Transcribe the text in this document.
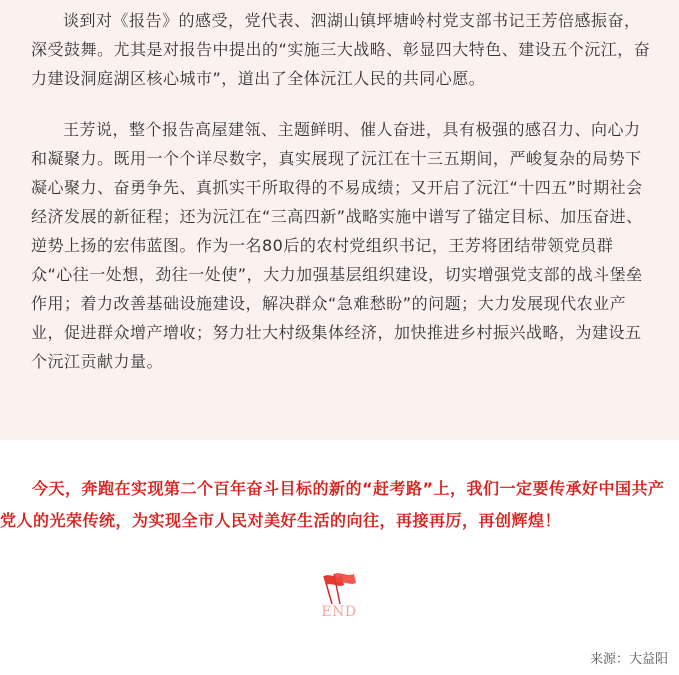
谈到对《报告》的感受，党代表、泗湖山镇坪塘岭村党支部书记王芳倍感振奋，深受鼓舞。尤其是对报告中提出的“实施三大战略、彰显四大特色、建设五个沅江，奋力建设洞庭湖区核心城市”，道出了全体沅江人民的共同心愿。

王芳说，整个报告高屋建瓴、主题鲜明、催人奋进，具有极强的感召力、向心力和凝聚力。既用一个个详尽数字，真实展现了沅江在十三五期间，严峻复杂的局势下凝心聚力、奋勇争先、真抓实干所取得的不易成绩；又开启了沅江“十四五”时期社会经济发展的新征程；还为沅江在“三高四新”战略实施中谱写了锚定目标、加压奋进、逆势上扬的宏伟蓝图。作为一名80后的农村党组织书记，王芳将团结带领党员群众“心往一处想，劲往一处使”，大力加强基层组织建设，切实增强党支部的战斗堡垒作用；着力改善基础设施建设，解决群众“急难愁盼”的问题；大力发展现代农业产业，促进群众增产增收；努力壮大村级集体经济，加快推进乡村振兴战略，为建设五个沅江贡献力量。

今天，奔跑在实现第二个百年奋斗目标的新的“赶考路”上，我们一定要传承好中国共产党人的光荣传统，为实现全市人民对美好生活的向往，再接再厉，再创辉煌！

END
来源：大益阳
